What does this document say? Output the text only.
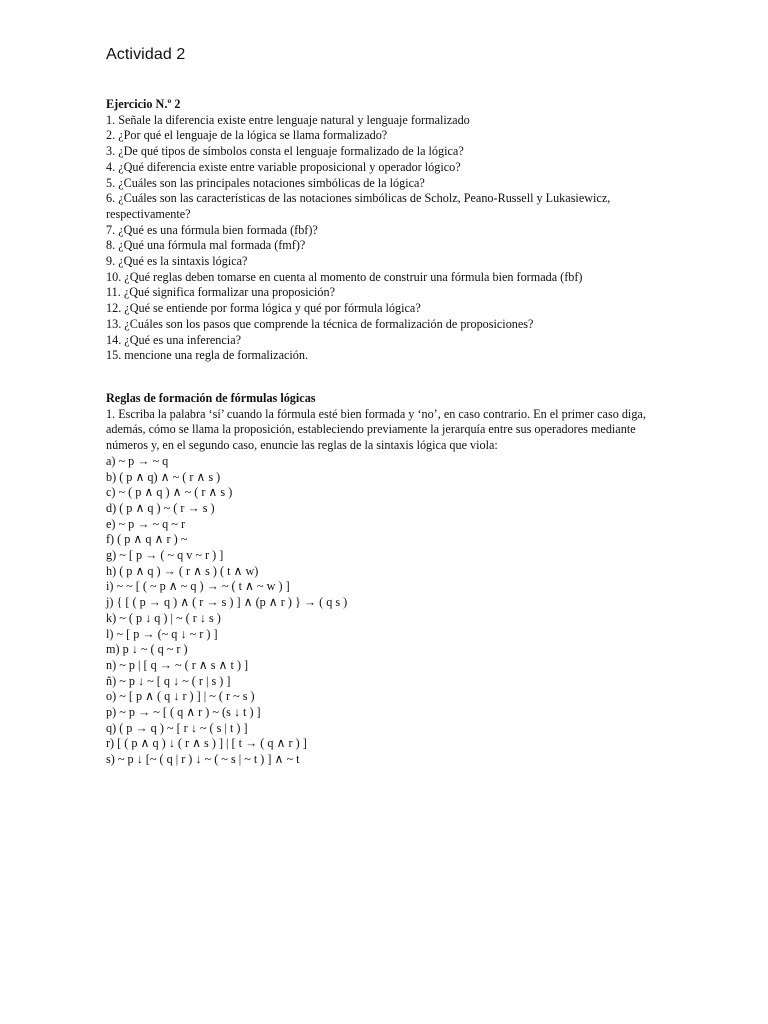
Actividad 2

Ejercicio N.º 2

1. Señale la diferencia existe entre lenguaje natural y lenguaje formalizado
2. ¿Por qué el lenguaje de la lógica se llama formalizado?
3. ¿De qué tipos de símbolos consta el lenguaje formalizado de la lógica?
4. ¿Qué diferencia existe entre variable proposicional y operador lógico?
5. ¿Cuáles son las principales notaciones simbólicas de la lógica?
6. ¿Cuáles son las características de las notaciones simbólicas de Scholz, Peano-Russell y Lukasiewicz, respectivamente?
7. ¿Qué es una fórmula bien formada (fbf)?
8. ¿Qué una fórmula mal formada (fmf)?
9. ¿Qué es la sintaxis lógica?
10. ¿Qué reglas deben tomarse en cuenta al momento de construir una fórmula bien formada (fbf)
11. ¿Qué significa formalizar una proposición?
12. ¿Qué se entiende por forma lógica y qué por fórmula lógica?
13. ¿Cuáles son los pasos que comprende la técnica de formalización de proposiciones?
14. ¿Qué es una inferencia?
15. mencione una regla de formalización.

Reglas de formación de fórmulas lógicas

1. Escriba la palabra ‘sí’ cuando la fórmula esté bien formada y ‘no’, en caso contrario. En el primer caso diga, además, cómo se llama la proposición, estableciendo previamente la jerarquía entre sus operadores mediante números y, en el segundo caso, enuncie las reglas de la sintaxis lógica que viola:

a) ~ p → ~ q
b) ( p ∧ q) ∧ ~ ( r ∧ s )
c) ~ ( p ∧ q ) ∧ ~ ( r ∧ s )
d) ( p ∧ q ) ~ ( r → s )
e) ~ p → ~ q ~ r
f) ( p ∧ q ∧ r ) ~
g) ~ [ p → ( ~ q v ~ r ) ]
h) ( p ∧ q ) → ( r ∧ s ) ( t ∧ w)
i) ~ ~ [ ( ~ p ∧ ~ q ) → ~ ( t ∧ ~ w ) ]
j) { [ ( p → q ) ∧ ( r → s ) ] ∧ (p ∧ r ) } → ( q s )
k) ~ ( p ↓ q ) | ~ ( r ↓ s )
l) ~ [ p → (~ q ↓ ~ r ) ]
m) p ↓ ~ ( q ~ r )
n) ~ p | [ q → ~ ( r ∧ s ∧ t ) ]
ñ) ~ p ↓ ~ [ q ↓ ~ ( r | s ) ]
o) ~ [ p ∧ ( q ↓ r ) ] | ~ ( r ~ s )
p) ~ p → ~ [ ( q ∧ r ) ~ (s ↓ t ) ]
q) ( p → q ) ~ [ r ↓ ~ ( s | t ) ]
r) [ ( p ∧ q ) ↓ ( r ∧ s ) ] | [ t → ( q ∧ r ) ]
s) ~ p ↓ [~ ( q | r ) ↓ ~ ( ~ s | ~ t ) ] ∧ ~ t
